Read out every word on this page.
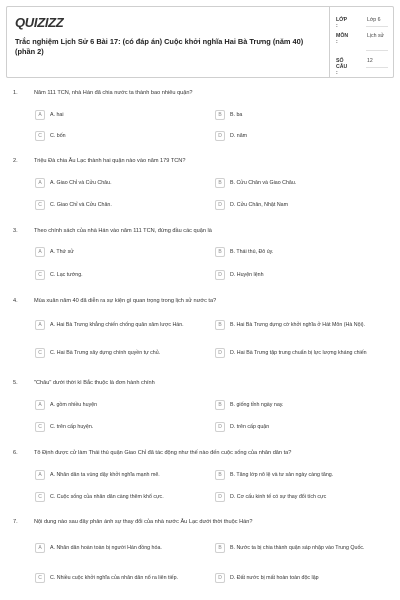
QUIZIZZ
Trắc nghiệm Lịch Sử 6 Bài 17: (có đáp án) Cuộc khởi nghĩa Hai Bà Trưng (năm 40) (phần 2)
LỚP :
Lớp 6
MÔN :
Lịch sử
SỐ CÂU :
12
1.	Năm 111 TCN, nhà Hán đã chia nước ta thành bao nhiêu quận?
A	A. hai	B	B. ba
C	C. bốn	D	D. năm
2.	Triệu Đà chia Âu Lạc thành hai quận nào vào năm 179 TCN?
A	A. Giao Chỉ và Cửu Châu.	B	B. Cửu Chân và Giao Châu.
C	C. Giao Chỉ và Cửu Chân.	D	D. Cửu Chân, Nhật Nam
3.	Theo chính sách của nhà Hán vào năm 111 TCN, đứng đầu các quận là
A	A. Thứ sử	B	B. Thái thú, Đô úy.
C	C. Lạc tướng.	D	D. Huyện lệnh
4.	Mùa xuân năm 40 đã diễn ra sự kiện gì quan trọng trong lịch sử nước ta?
A	A. Hai Bà Trưng khẳng chiến chống quân xâm lược Hán.	B	B. Hai Bà Trưng dựng cờ khởi nghĩa ở Hát Môn (Hà Nội).
C	C. Hai Bà Trưng xây dựng chính quyền tự chủ.	D	D. Hai Bà Trưng tập trung chuẩn bị lực lượng kháng chiến
5.	"Châu" dưới thời kì Bắc thuộc là đơn hành chính
A	A. gồm nhiều huyện	B	B. giống tỉnh ngày nay.
C	C. trên cấp huyện.	D	D. trên cấp quận
6.	Tô Định được cử làm Thái thú quận Giao Chỉ đã tác động như thế nào đến cuộc sống của nhân dân ta?
A	A. Nhân dân ta vùng dậy khởi nghĩa mạnh mẽ.	B	B. Tăng lớp nô lệ và tư sản ngày càng tăng.
C	C. Cuộc sống của nhân dân càng thêm khổ cực.	D	D. Cơ cấu kinh tế có sự thay đổi tích cực
7.	Nội dung nào sau đây phản ánh sự thay đổi của nhà nước Âu Lạc dưới thời thuộc Hán?
A	A. Nhân dân hoàn toàn bị người Hán đồng hóa.	B	B. Nước ta bị chia thành quận sáp nhập vào Trung Quốc.
C	C. Nhiều cuộc khởi nghĩa của nhân dân nổ ra liên tiếp.	D	D. Đất nước bị mất hoàn toàn độc lập
